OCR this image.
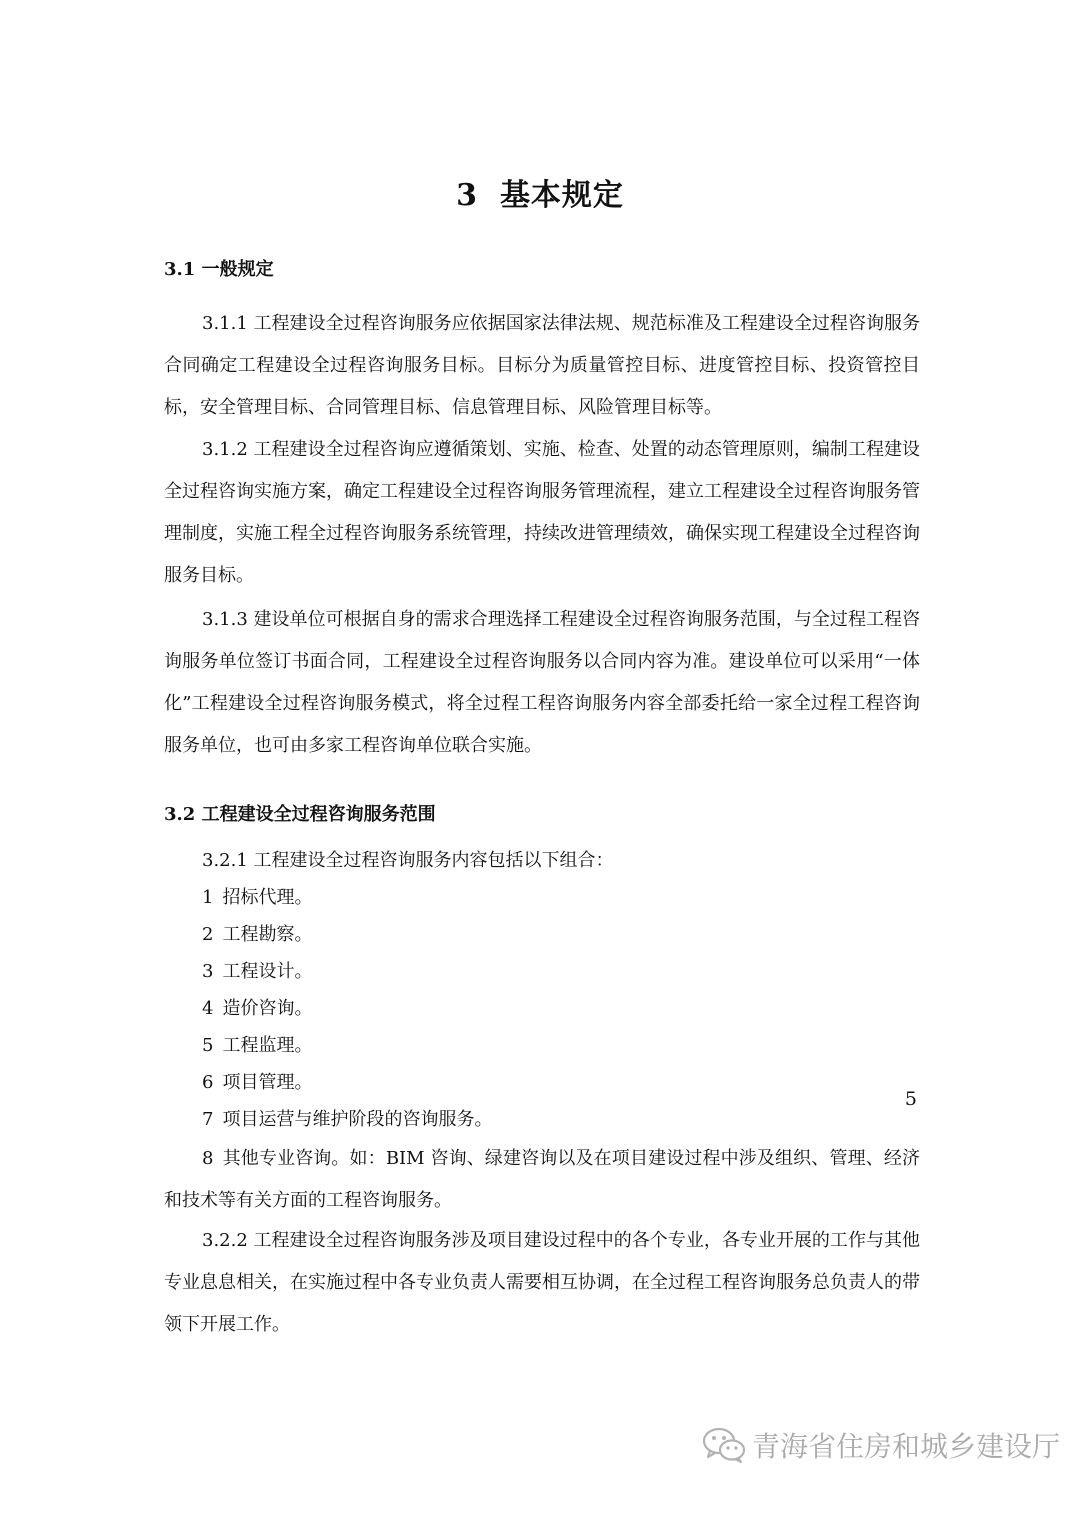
3 基本规定
3.1 一般规定

3.1.1 工程建设全过程咨询服务应依据国家法律法规、规范标准及工程建设全过程咨询服务合同确定工程建设全过程咨询服务目标。目标分为质量管控目标、进度管控目标、投资管控目标，安全管理目标、合同管理目标、信息管理目标、风险管理目标等。

3.1.2 工程建设全过程咨询应遵循策划、实施、检查、处置的动态管理原则，编制工程建设全过程咨询实施方案，确定工程建设全过程咨询服务管理流程，建立工程建设全过程咨询服务管理制度，实施工程全过程咨询服务系统管理，持续改进管理绩效，确保实现工程建设全过程咨询服务目标。

3.1.3 建设单位可根据自身的需求合理选择工程建设全过程咨询服务范围，与全过程工程咨询服务单位签订书面合同，工程建设全过程咨询服务以合同内容为准。建设单位可以采用“一体化”工程建设全过程咨询服务模式，将全过程工程咨询服务内容全部委托给一家全过程工程咨询服务单位，也可由多家工程咨询单位联合实施。

3.2 工程建设全过程咨询服务范围

3.2.1 工程建设全过程咨询服务内容包括以下组合：

1 招标代理。
2 工程勘察。
3 工程设计。
4 造价咨询。
5 工程监理。
6 项目管理。
7 项目运营与维护阶段的咨询服务。
8 其他专业咨询。如：BIM 咨询、绿建咨询以及在项目建设过程中涉及组织、管理、经济和技术等有关方面的工程咨询服务。

3.2.2 工程建设全过程咨询服务涉及项目建设过程中的各个专业，各专业开展的工作与其他专业息息相关，在实施过程中各专业负责人需要相互协调，在全过程工程咨询服务总负责人的带领下开展工作。

5
青海省住房和城乡建设厅
